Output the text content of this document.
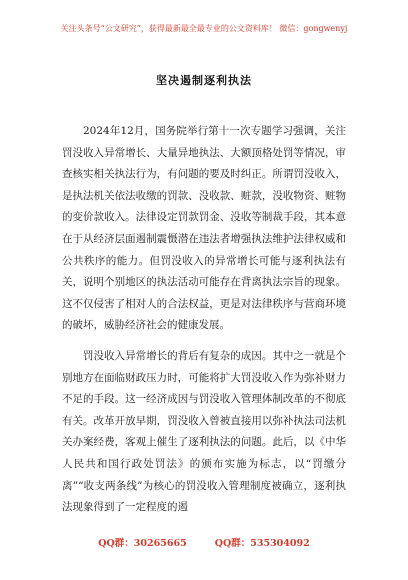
关注头条号“公文研究”，获得最新最全最专业的公文资料库！ 微信：gongwenyj
坚决遏制逐利执法

2024年12月，国务院举行第十一次专题学习强调，关注罚没收入异常增长、大量异地执法、大额顶格处罚等情况，审查核实相关执法行为，有问题的要及时纠正。所谓罚没收入，是执法机关依法收缴的罚款、没收款、赃款，没收物资、赃物的变价款收入。法律设定罚款罚金、没收等制裁手段，其本意在于从经济层面遏制震慑潜在违法者增强执法维护法律权威和公共秩序的能力。但罚没收入的异常增长可能与逐利执法有关，说明个别地区的执法活动可能存在背离执法宗旨的现象。这不仅侵害了相对人的合法权益，更是对法律秩序与营商环境的破坏，威胁经济社会的健康发展。

罚没收入异常增长的背后有复杂的成因。其中之一就是个别地方在面临财政压力时，可能将扩大罚没收入作为弥补财力不足的手段。这一经济成因与罚没收入管理体制改革的不彻底有关。改革开放早期，罚没收入曾被直接用以弥补执法司法机关办案经费，客观上催生了逐利执法的问题。此后，以《中华人民共和国行政处罚法》的颁布实施为标志，以“罚缴分离”“收支两条线”为核心的罚没收入管理制度被确立，逐利执法现象得到了一定程度的遏

QQ群：30265665	QQ群：535304092
